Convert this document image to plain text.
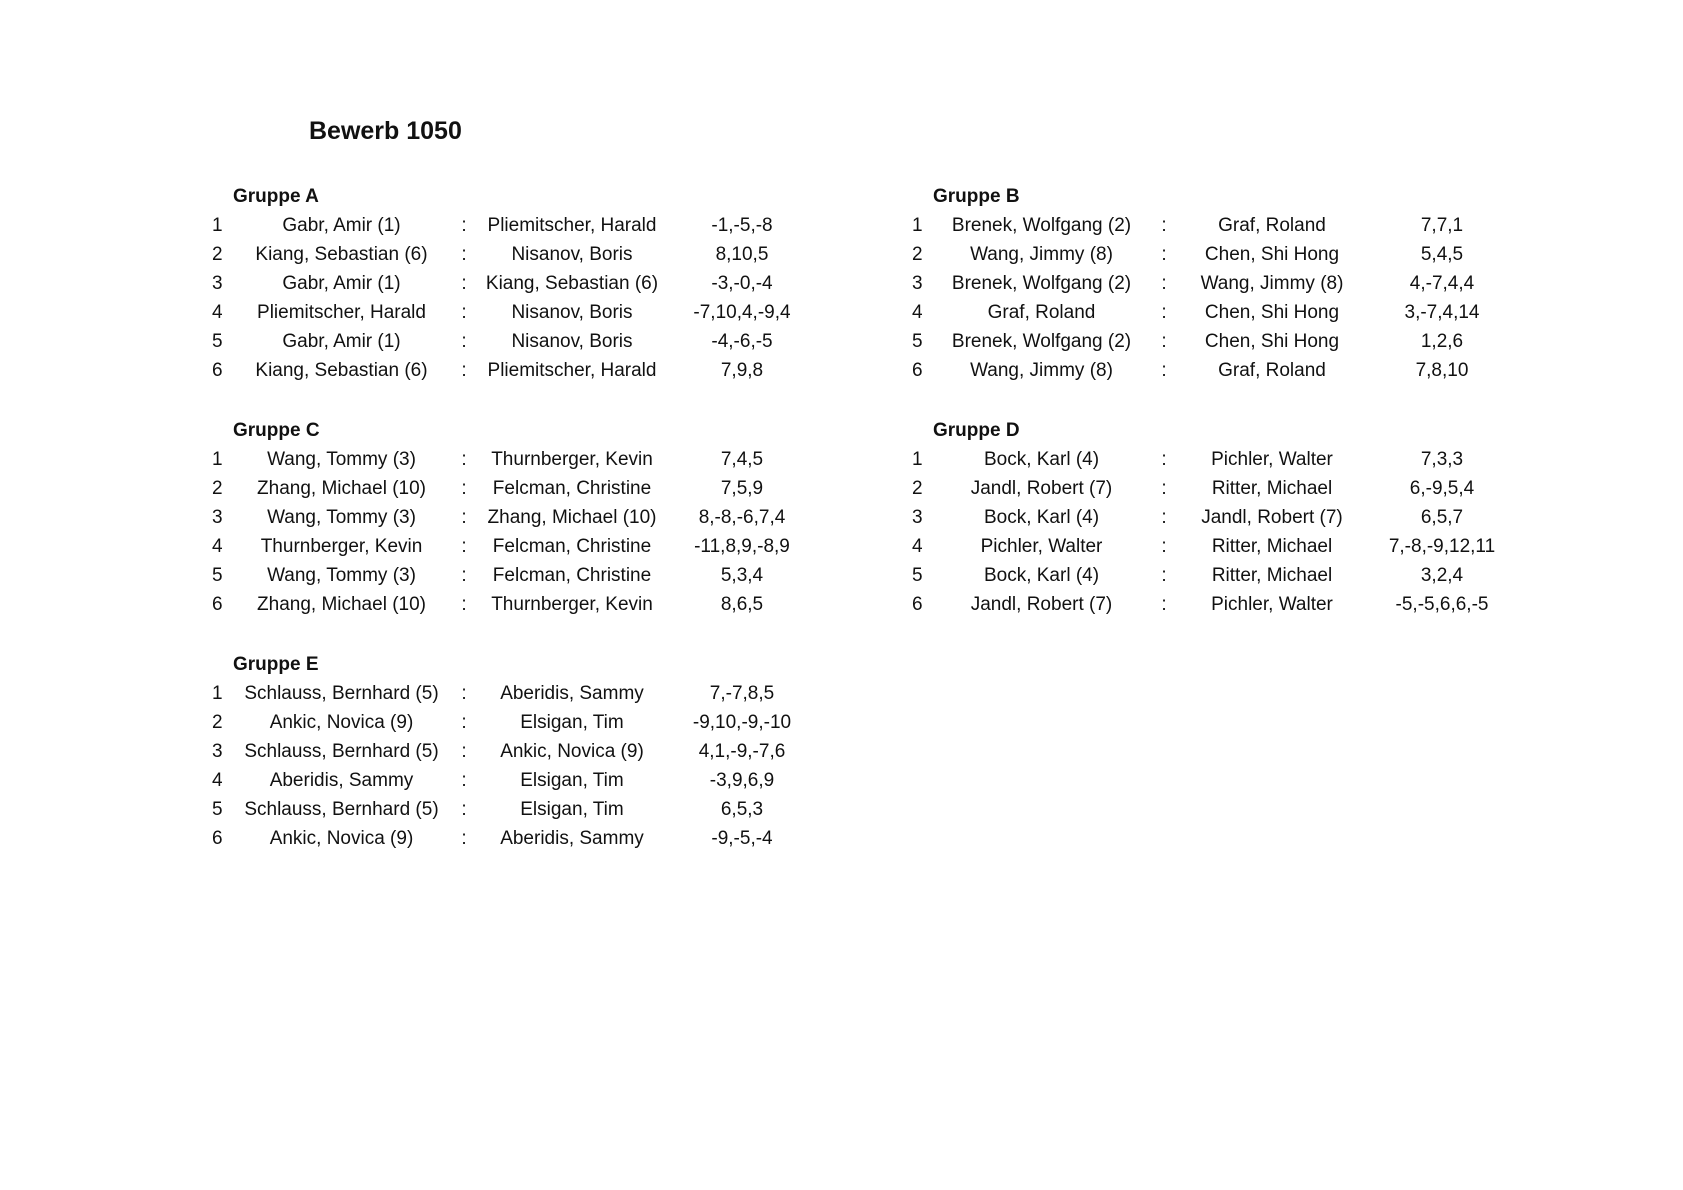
Bewerb 1050
Gruppe A
1	Gabr, Amir (1)	:	Pliemitscher, Harald	-1,-5,-8
2	Kiang, Sebastian (6)	:	Nisanov, Boris	8,10,5
3	Gabr, Amir (1)	:	Kiang, Sebastian (6)	-3,-0,-4
4	Pliemitscher, Harald	:	Nisanov, Boris	-7,10,4,-9,4
5	Gabr, Amir (1)	:	Nisanov, Boris	-4,-6,-5
6	Kiang, Sebastian (6)	:	Pliemitscher, Harald	7,9,8
Gruppe B
1	Brenek, Wolfgang (2)	:	Graf, Roland	7,7,1
2	Wang, Jimmy (8)	:	Chen, Shi Hong	5,4,5
3	Brenek, Wolfgang (2)	:	Wang, Jimmy (8)	4,-7,4,4
4	Graf, Roland	:	Chen, Shi Hong	3,-7,4,14
5	Brenek, Wolfgang (2)	:	Chen, Shi Hong	1,2,6
6	Wang, Jimmy (8)	:	Graf, Roland	7,8,10
Gruppe C
1	Wang, Tommy (3)	:	Thurnberger, Kevin	7,4,5
2	Zhang, Michael (10)	:	Felcman, Christine	7,5,9
3	Wang, Tommy (3)	:	Zhang, Michael (10)	8,-8,-6,7,4
4	Thurnberger, Kevin	:	Felcman, Christine	-11,8,9,-8,9
5	Wang, Tommy (3)	:	Felcman, Christine	5,3,4
6	Zhang, Michael (10)	:	Thurnberger, Kevin	8,6,5
Gruppe D
1	Bock, Karl (4)	:	Pichler, Walter	7,3,3
2	Jandl, Robert (7)	:	Ritter, Michael	6,-9,5,4
3	Bock, Karl (4)	:	Jandl, Robert (7)	6,5,7
4	Pichler, Walter	:	Ritter, Michael	7,-8,-9,12,11
5	Bock, Karl (4)	:	Ritter, Michael	3,2,4
6	Jandl, Robert (7)	:	Pichler, Walter	-5,-5,6,6,-5
Gruppe E
1	Schlauss, Bernhard (5)	:	Aberidis, Sammy	7,-7,8,5
2	Ankic, Novica (9)	:	Elsigan, Tim	-9,10,-9,-10
3	Schlauss, Bernhard (5)	:	Ankic, Novica (9)	4,1,-9,-7,6
4	Aberidis, Sammy	:	Elsigan, Tim	-3,9,6,9
5	Schlauss, Bernhard (5)	:	Elsigan, Tim	6,5,3
6	Ankic, Novica (9)	:	Aberidis, Sammy	-9,-5,-4
